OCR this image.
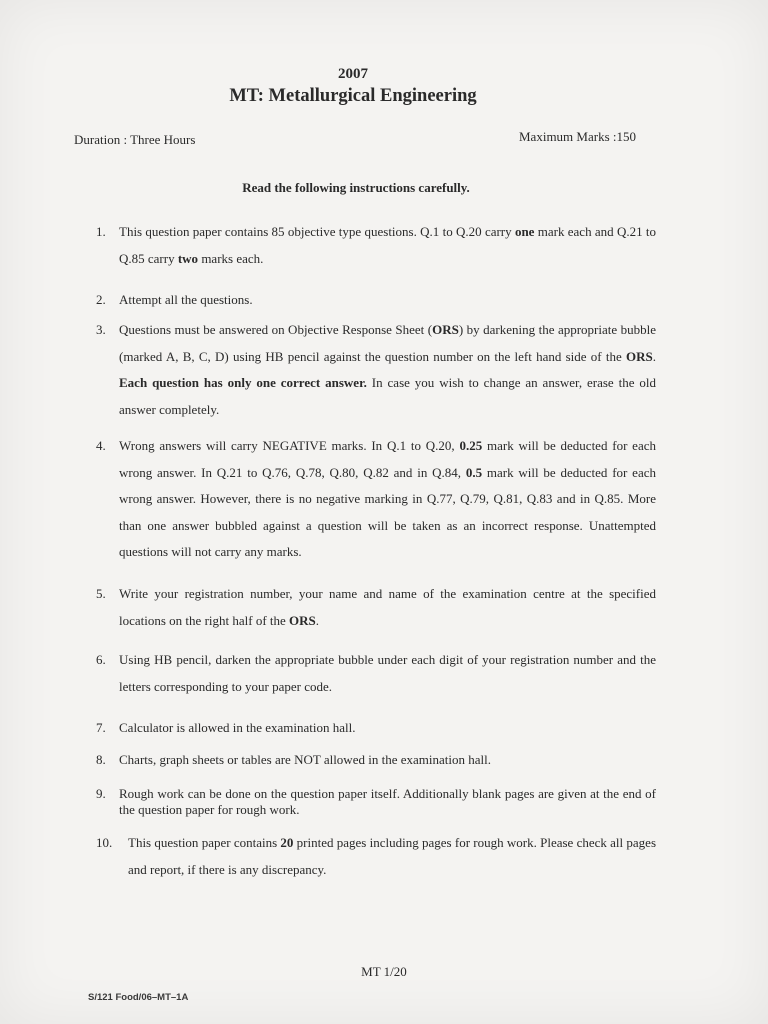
2007
MT: Metallurgical Engineering
Duration : Three Hours	Maximum Marks :150
Read the following instructions carefully.
1.	This question paper contains 85 objective type questions. Q.1 to Q.20 carry one mark each and Q.21 to Q.85 carry two marks each.
2.	Attempt all the questions.
3.	Questions must be answered on Objective Response Sheet (ORS) by darkening the appropriate bubble (marked A, B, C, D) using HB pencil against the question number on the left hand side of the ORS. Each question has only one correct answer. In case you wish to change an answer, erase the old answer completely.
4.	Wrong answers will carry NEGATIVE marks. In Q.1 to Q.20, 0.25 mark will be deducted for each wrong answer. In Q.21 to Q.76, Q.78, Q.80, Q.82 and in Q.84, 0.5 mark will be deducted for each wrong answer. However, there is no negative marking in Q.77, Q.79, Q.81, Q.83 and in Q.85. More than one answer bubbled against a question will be taken as an incorrect response. Unattempted questions will not carry any marks.
5.	Write your registration number, your name and name of the examination centre at the specified locations on the right half of the ORS.
6.	Using HB pencil, darken the appropriate bubble under each digit of your registration number and the letters corresponding to your paper code.
7.	Calculator is allowed in the examination hall.
8.	Charts, graph sheets or tables are NOT allowed in the examination hall.
9.	Rough work can be done on the question paper itself. Additionally blank pages are given at the end of the question paper for rough work.
10.	This question paper contains 20 printed pages including pages for rough work. Please check all pages and report, if there is any discrepancy.
MT 1/20
S/121 Food/06–MT–1A
